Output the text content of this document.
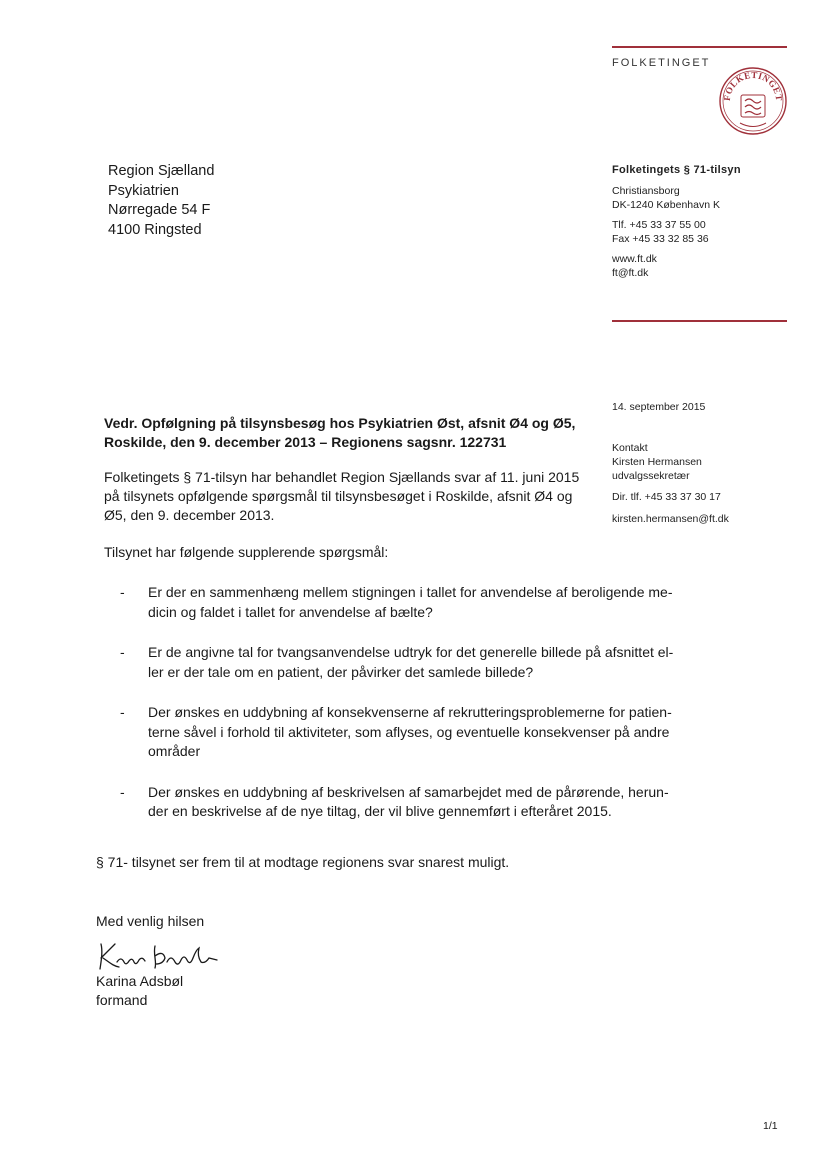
FOLKETINGET
FOLKETINGET
Region Sjælland
Psykiatrien
Nørregade 54 F
4100 Ringsted
Folketingets § 71-tilsyn
Christiansborg
DK-1240 København K
Tlf. +45 33 37 55 00
Fax +45 33 32 85 36
www.ft.dk
ft@ft.dk
14. september 2015
Kontakt
Kirsten Hermansen
udvalgssekretær
Dir. tlf. +45 33 37 30 17
kirsten.hermansen@ft.dk
Vedr. Opfølgning på tilsynsbesøg hos Psykiatrien Øst, afsnit Ø4 og Ø5,
Roskilde, den 9. december 2013 – Regionens sagsnr. 122731
Folketingets § 71-tilsyn har behandlet Region Sjællands svar af 11. juni 2015
på tilsynets opfølgende spørgsmål til tilsynsbesøget i Roskilde, afsnit Ø4 og
Ø5, den 9. december 2013.
Tilsynet har følgende supplerende spørgsmål:
- Er der en sammenhæng mellem stigningen i tallet for anvendelse af beroligende me-
dicin og faldet i tallet for anvendelse af bælte?
- Er de angivne tal for tvangsanvendelse udtryk for det generelle billede på afsnittet el-
ler er der tale om en patient, der påvirker det samlede billede?
- Der ønskes en uddybning af konsekvenserne af rekrutteringsproblemerne for patien-
terne såvel i forhold til aktiviteter, som aflyses, og eventuelle konsekvenser på andre
områder
- Der ønskes en uddybning af beskrivelsen af samarbejdet med de pårørende, herun-
der en beskrivelse af de nye tiltag, der vil blive gennemført i efteråret 2015.
§ 71- tilsynet ser frem til at modtage regionens svar snarest muligt.
Med venlig hilsen
Karina Adsbøl
formand
1/1
